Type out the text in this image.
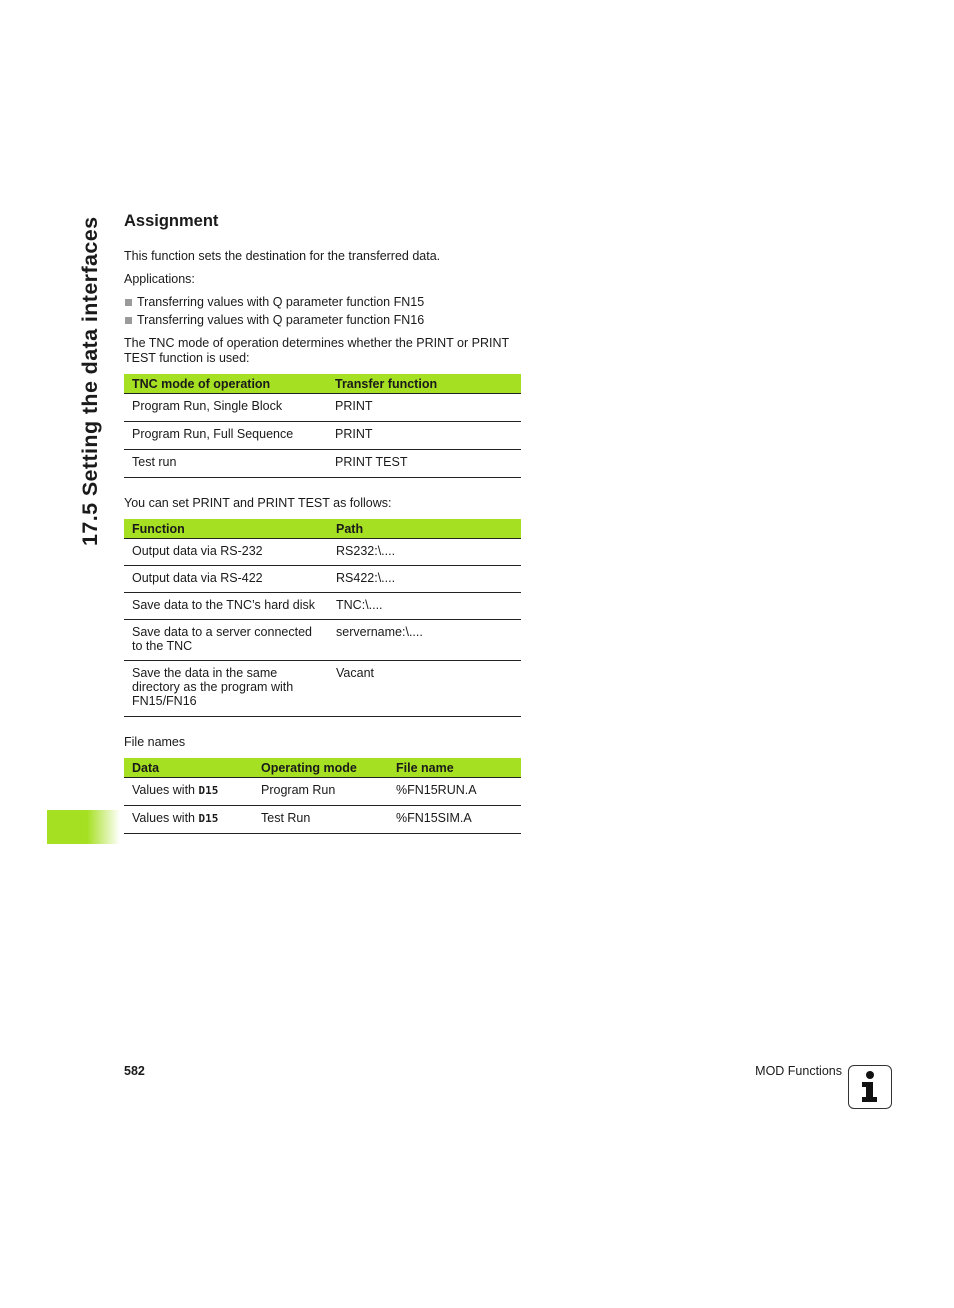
17.5 Setting the data interfaces Assignment

This function sets the destination for the transferred data.

Applications:

Transferring values with Q parameter function FN15
Transferring values with Q parameter function FN16

The TNC mode of operation determines whether the PRINT or PRINT TEST function is used:

TNC mode of operation	Transfer function
Program Run, Single Block	PRINT
Program Run, Full Sequence	PRINT
Test run	PRINT TEST

You can set PRINT and PRINT TEST as follows:

Function	Path
Output data via RS-232	RS232:\....
Output data via RS-422	RS422:\....
Save data to the TNC’s hard disk	TNC:\....
Save data to a server connected to the TNC	servername:\....
Save the data in the same directory as the program with FN15/FN16	Vacant

File names

Data	Operating mode	File name
Values with D15	Program Run	%FN15RUN.A
Values with D15	Test Run	%FN15SIM.A
582	MOD Functions
